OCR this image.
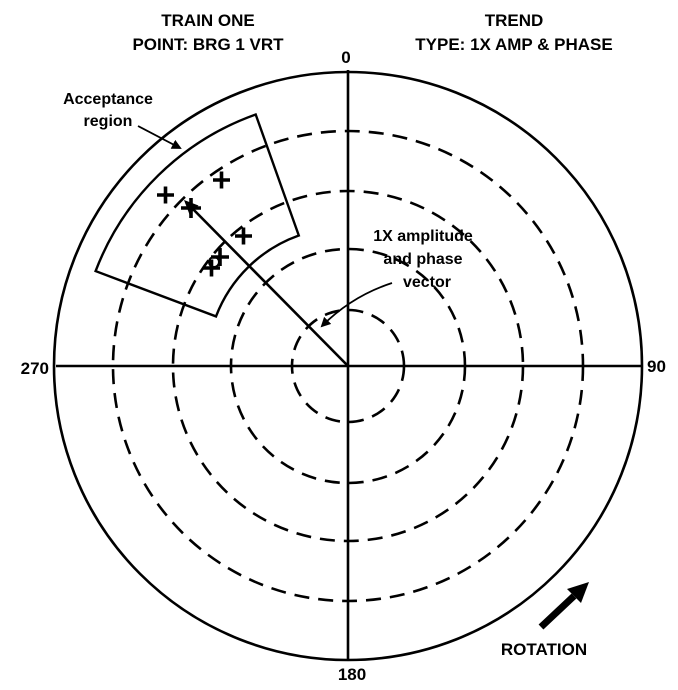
TRAIN ONE
POINT: BRG 1 VRT
TREND
TYPE: 1X AMP & PHASE
0
90
180
270
Acceptance
region
1X amplitude
and phase
vector
ROTATION
